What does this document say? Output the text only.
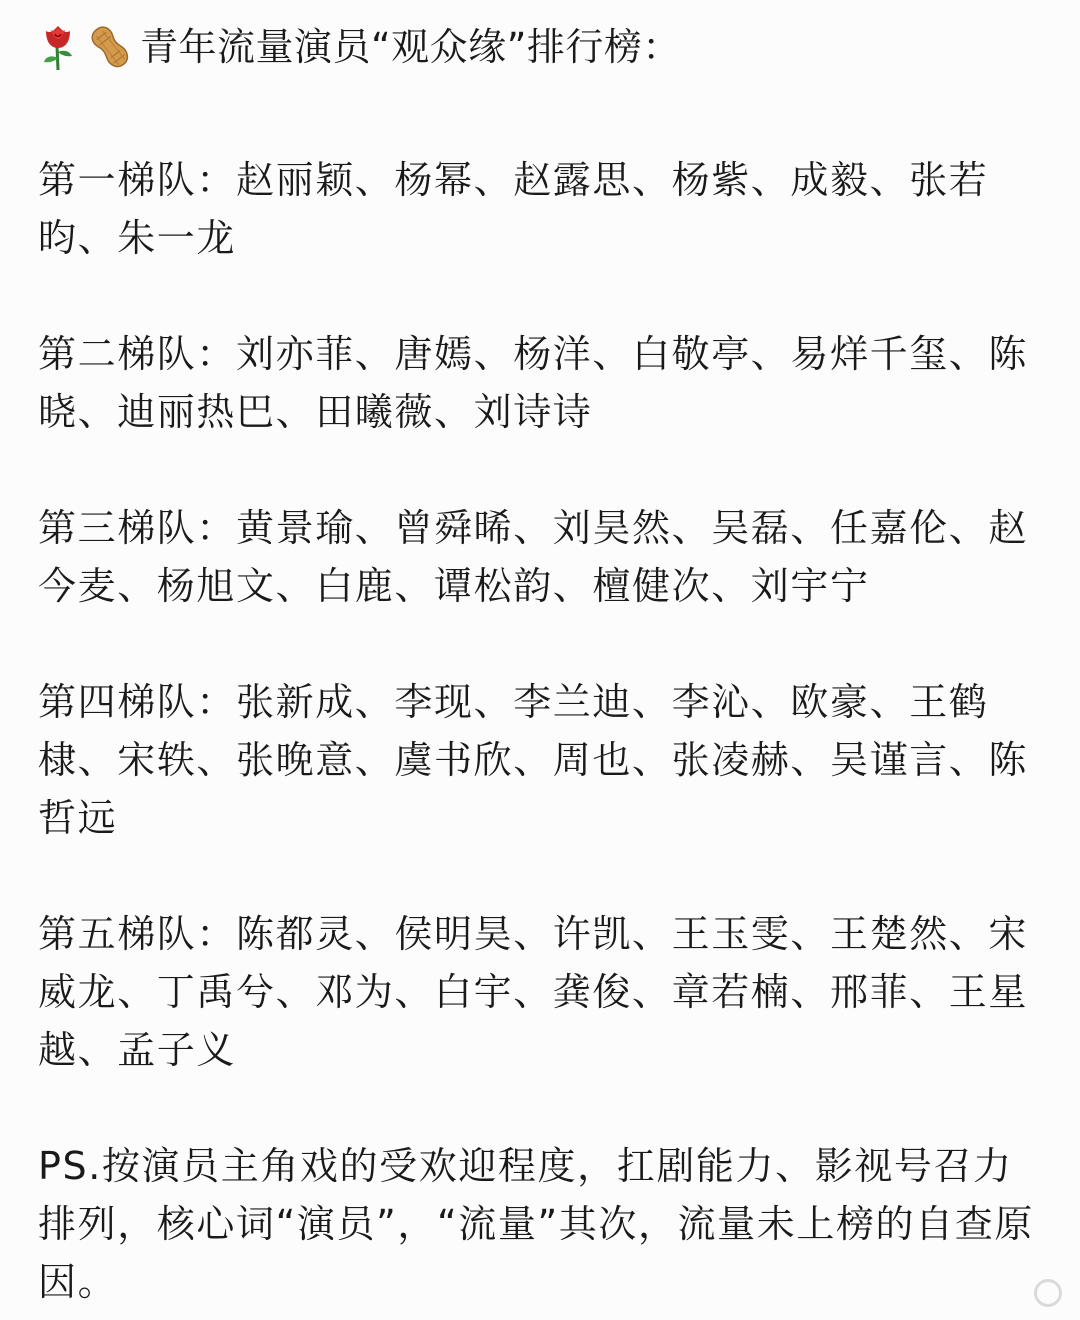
青年流量演员“观众缘”排行榜：

第一梯队：赵丽颖、杨幂、赵露思、杨紫、成毅、张若昀、朱一龙

第二梯队：刘亦菲、唐嫣、杨洋、白敬亭、易烊千玺、陈晓、迪丽热巴、田曦薇、刘诗诗

第三梯队：黄景瑜、曾舜晞、刘昊然、吴磊、任嘉伦、赵今麦、杨旭文、白鹿、谭松韵、檀健次、刘宇宁

第四梯队：张新成、李现、李兰迪、李沁、欧豪、王鹤棣、宋轶、张晚意、虞书欣、周也、张凌赫、吴谨言、陈哲远

第五梯队：陈都灵、侯明昊、许凯、王玉雯、王楚然、宋威龙、丁禹兮、邓为、白宇、龚俊、章若楠、邢菲、王星越、孟子义

PS.按演员主角戏的受欢迎程度，扛剧能力、影视号召力排列，核心词“演员”，“流量”其次，流量未上榜的自查原因。
